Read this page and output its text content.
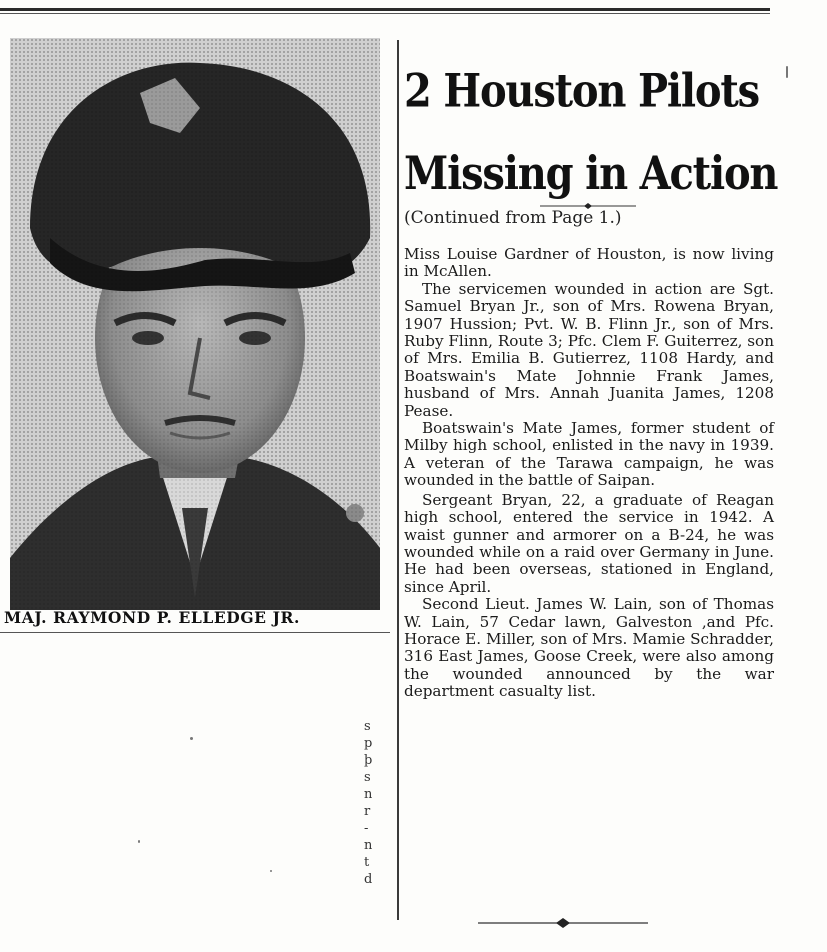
MAJ. RAYMOND P. ELLEDGE JR.
2 Houston Pilots
Missing in Action
(Continued from Page 1.)

Miss Louise Gardner of Houston, is now living in McAllen.

The servicemen wounded in action are Sgt. Samuel Bryan Jr., son of Mrs. Rowena Bryan, 1907 Hussion; Pvt. W. B. Flinn Jr., son of Mrs. Ruby Flinn, Route 3; Pfc. Clem F. Guiterrez, son of Mrs. Emilia B. Gutierrez, 1108 Hardy, and Boatswain's Mate Johnnie Frank James, husband of Mrs. Annah Juanita James, 1208 Pease.

Boatswain's Mate James, former student of Milby high school, enlisted in the navy in 1939. A veteran of the Tarawa campaign, he was wounded in the battle of Saipan.

Sergeant Bryan, 22, a graduate of Reagan high school, entered the service in 1942. A waist gunner and armorer on a B-24, he was wounded while on a raid over Germany in June. He had been overseas, stationed in England, since April.

Second Lieut. James W. Lain, son of Thomas W. Lain, 57 Cedar lawn, Galveston ,and Pfc. Horace E. Miller, son of Mrs. Mamie Schradder, 316 East James, Goose Creek, were also among the wounded announced by the war department casualty list.

s
p
þ
s
n
r
-
n
t
d
